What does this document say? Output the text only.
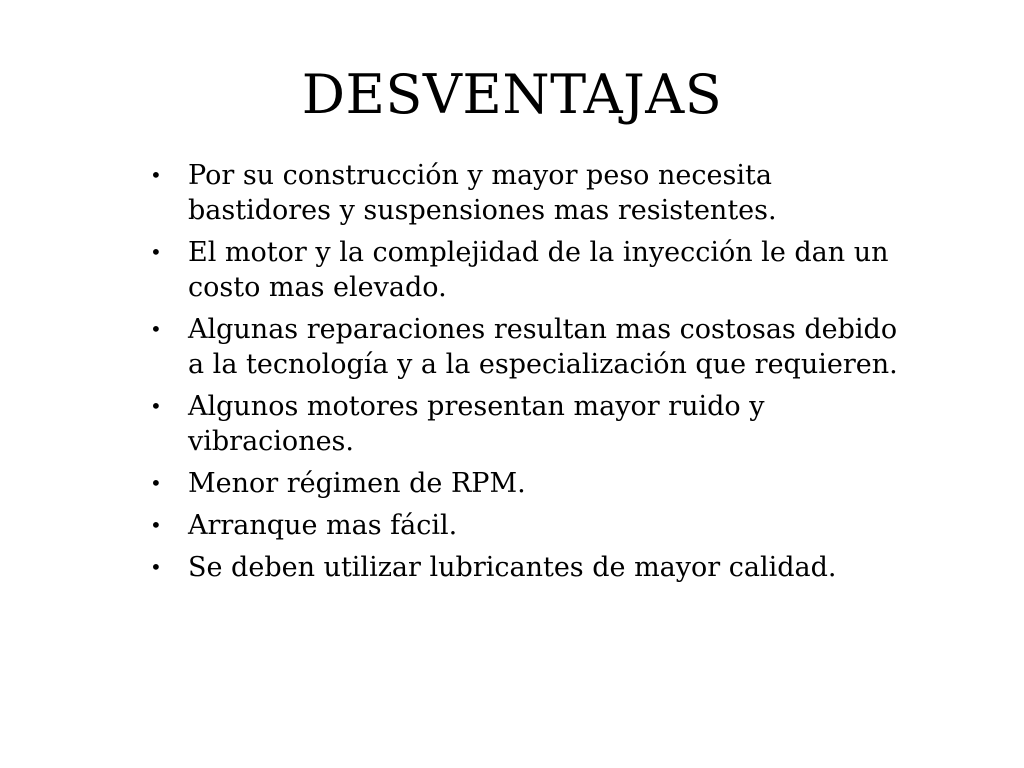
DESVENTAJAS
• Por su construcción y mayor peso necesita bastidores y suspensiones mas resistentes.
• El motor y la complejidad de la inyección le dan un costo mas elevado.
• Algunas reparaciones resultan mas costosas debido a la tecnología y a la especialización que requieren.
• Algunos motores presentan mayor ruido y vibraciones.
• Menor régimen de RPM.
• Arranque mas fácil.
• Se deben utilizar lubricantes de mayor calidad.
